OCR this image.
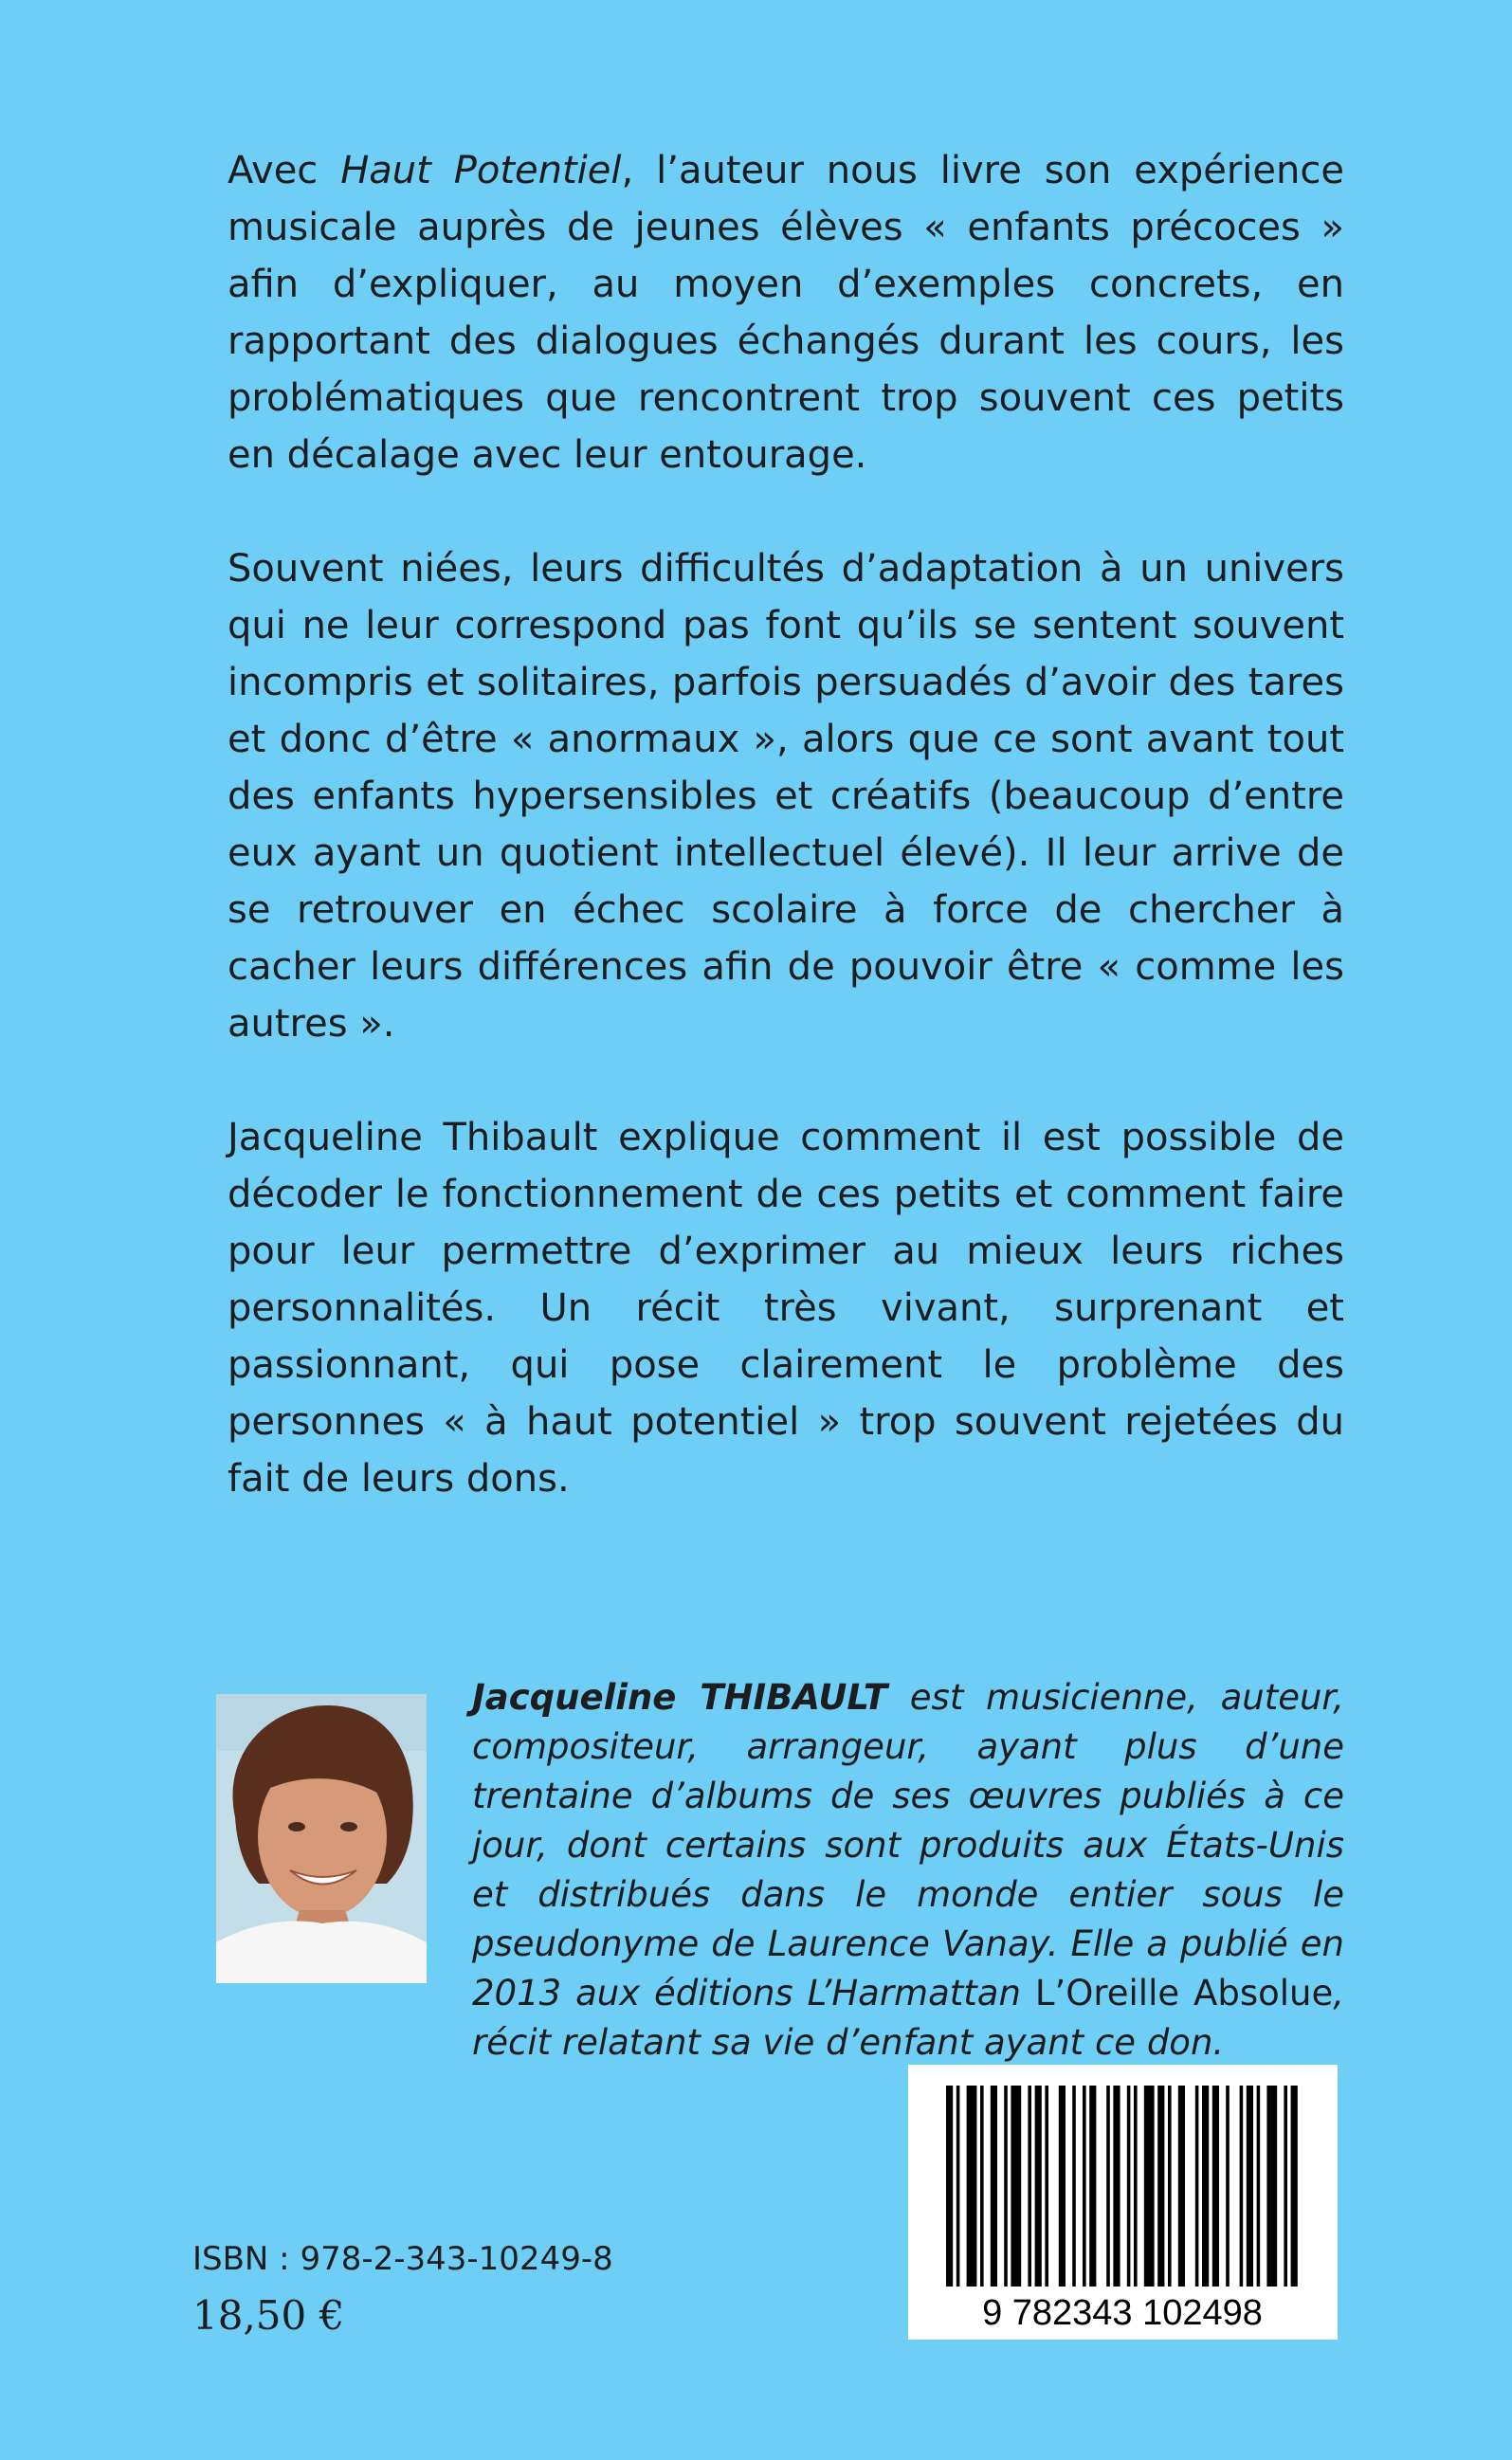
Avec Haut Potentiel, l’auteur nous livre son expérience musicale auprès de jeunes élèves « enfants précoces » afin d’expliquer, au moyen d’exemples concrets, en rapportant des dialogues échangés durant les cours, les problématiques que rencontrent trop souvent ces petits en décalage avec leur entourage.

Souvent niées, leurs difficultés d’adaptation à un univers qui ne leur correspond pas font qu’ils se sentent souvent incompris et solitaires, parfois persuadés d’avoir des tares et donc d’être « anormaux », alors que ce sont avant tout des enfants hypersensibles et créatifs (beaucoup d’entre eux ayant un quotient intellectuel élevé). Il leur arrive de se retrouver en échec scolaire à force de chercher à cacher leurs différences afin de pouvoir être « comme les autres ».

Jacqueline Thibault explique comment il est possible de décoder le fonctionnement de ces petits et comment faire pour leur permettre d’exprimer au mieux leurs riches personnalités. Un récit très vivant, surprenant et passionnant, qui pose clairement le problème des personnes « à haut potentiel » trop souvent rejetées du fait de leurs dons.

Jacqueline THIBAULT est musicienne, auteur, compositeur, arrangeur, ayant plus d’une trentaine d’albums de ses œuvres publiés à ce jour, dont certains sont produits aux États-Unis et distribués dans le monde entier sous le pseudonyme de Laurence Vanay. Elle a publié en 2013 aux éditions L’Harmattan L’Oreille Absolue, récit relatant sa vie d’enfant ayant ce don.
9 782343 102498
ISBN : 978-2-343-10249-8
18,50 €
